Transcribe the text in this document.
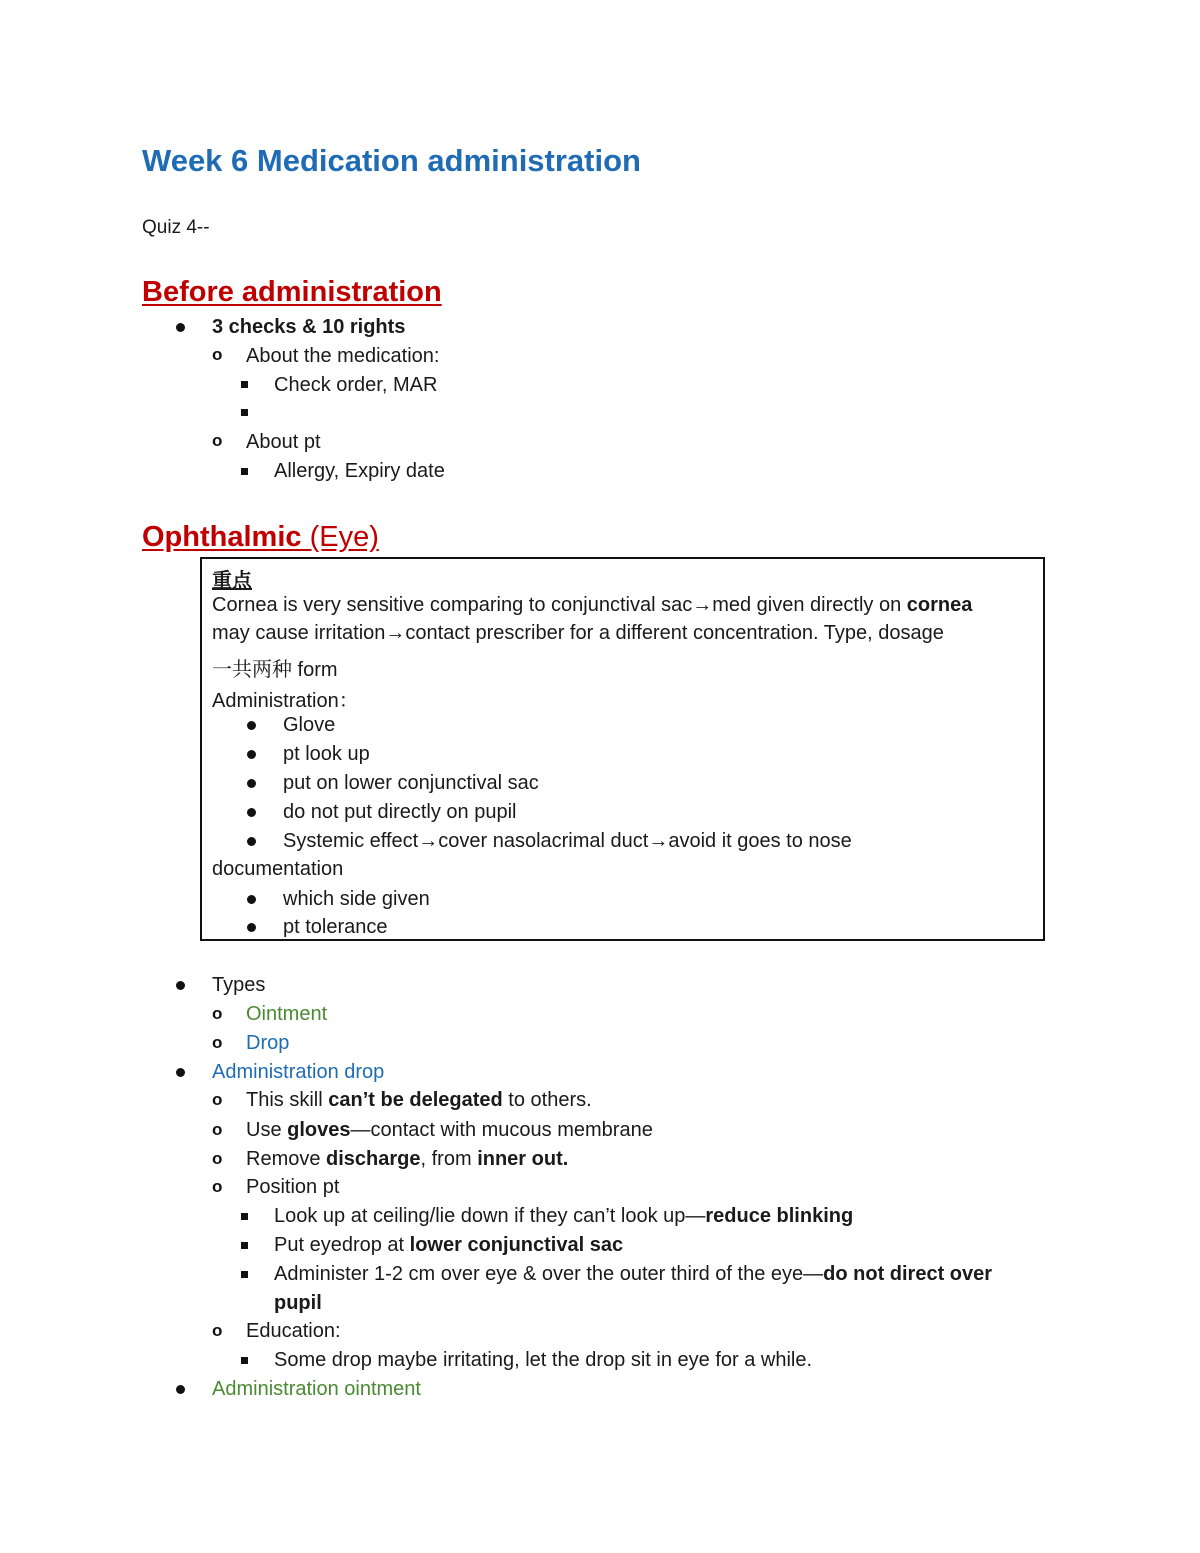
Week 6 Medication administration
Quiz 4--
Before administration
3 checks & 10 rights
o About the medication:
Check order, MAR
o About pt
Allergy, Expiry date
Ophthalmic (Eye)
重点
Cornea is very sensitive comparing to conjunctival sac→med given directly on cornea
may cause irritation→contact prescriber for a different concentration. Type, dosage
一共两种 form
Administration：
Glove
pt look up
put on lower conjunctival sac
do not put directly on pupil
Systemic effect→cover nasolacrimal duct→avoid it goes to nose
documentation
which side given
pt tolerance
Types
o Ointment
o Drop
Administration drop
o This skill can’t be delegated to others.
o Use gloves—contact with mucous membrane
o Remove discharge, from inner out.
o Position pt
Look up at ceiling/lie down if they can’t look up—reduce blinking
Put eyedrop at lower conjunctival sac
Administer 1-2 cm over eye & over the outer third of the eye—do not direct over
pupil
o Education:
Some drop maybe irritating, let the drop sit in eye for a while.
Administration ointment
